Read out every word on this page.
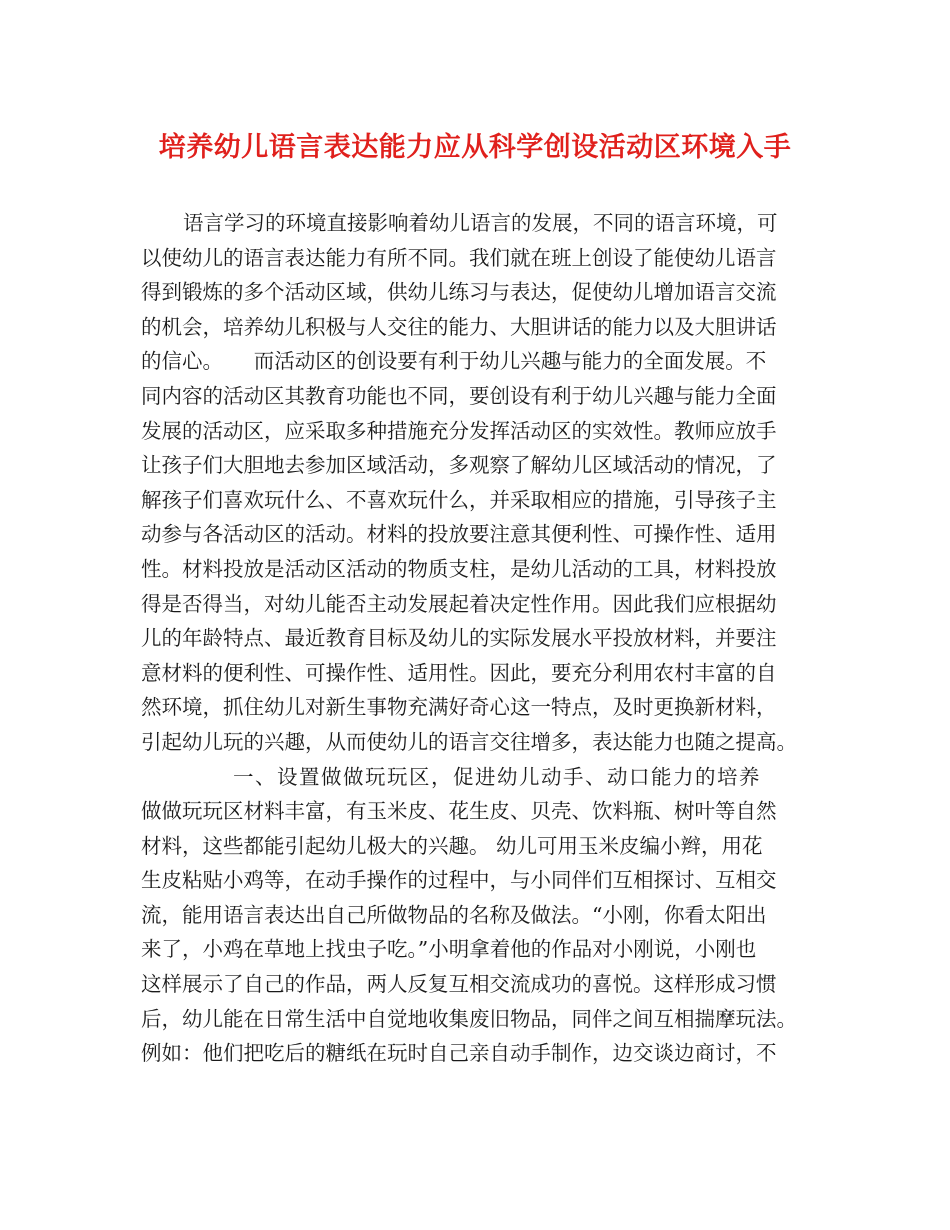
培养幼儿语言表达能力应从科学创设活动区环境入手
语言学习的环境直接影响着幼儿语言的发展，不同的语言环境，可
以使幼儿的语言表达能力有所不同。我们就在班上创设了能使幼儿语言
得到锻炼的多个活动区域，供幼儿练习与表达，促使幼儿增加语言交流
的机会，培养幼儿积极与人交往的能力、大胆讲话的能力以及大胆讲话
的信心。　　而活动区的创设要有利于幼儿兴趣与能力的全面发展。不
同内容的活动区其教育功能也不同，要创设有利于幼儿兴趣与能力全面
发展的活动区，应采取多种措施充分发挥活动区的实效性。教师应放手
让孩子们大胆地去参加区域活动，多观察了解幼儿区域活动的情况，了
解孩子们喜欢玩什么、不喜欢玩什么，并采取相应的措施，引导孩子主
动参与各活动区的活动。材料的投放要注意其便利性、可操作性、适用
性。材料投放是活动区活动的物质支柱，是幼儿活动的工具，材料投放
得是否得当，对幼儿能否主动发展起着决定性作用。因此我们应根据幼
儿的年龄特点、最近教育目标及幼儿的实际发展水平投放材料，并要注
意材料的便利性、可操作性、适用性。因此，要充分利用农村丰富的自
然环境，抓住幼儿对新生事物充满好奇心这一特点，及时更换新材料，
引起幼儿玩的兴趣，从而使幼儿的语言交往增多，表达能力也随之提高。
一、设置做做玩玩区，促进幼儿动手、动口能力的培养
做做玩玩区材料丰富，有玉米皮、花生皮、贝壳、饮料瓶、树叶等自然
材料，这些都能引起幼儿极大的兴趣。 幼儿可用玉米皮编小辫，用花
生皮粘贴小鸡等，在动手操作的过程中，与小同伴们互相探讨、互相交
流，能用语言表达出自己所做物品的名称及做法。“小刚，你看太阳出
来了，小鸡在草地上找虫子吃。”小明拿着他的作品对小刚说，小刚也
这样展示了自己的作品，两人反复互相交流成功的喜悦。这样形成习惯
后，幼儿能在日常生活中自觉地收集废旧物品，同伴之间互相揣摩玩法。
例如：他们把吃后的糖纸在玩时自己亲自动手制作，边交谈边商讨，不
